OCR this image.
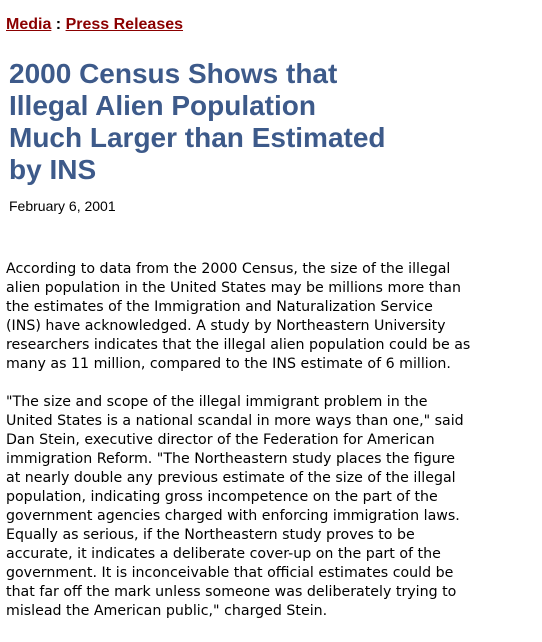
Media : Press Releases
2000 Census Shows that
Illegal Alien Population
Much Larger than Estimated
by INS
February 6, 2001

According to data from the 2000 Census, the size of the illegal
alien population in the United States may be millions more than
the estimates of the Immigration and Naturalization Service
(INS) have acknowledged. A study by Northeastern University
researchers indicates that the illegal alien population could be as
many as 11 million, compared to the INS estimate of 6 million.

"The size and scope of the illegal immigrant problem in the
United States is a national scandal in more ways than one," said
Dan Stein, executive director of the Federation for American
immigration Reform. "The Northeastern study places the figure
at nearly double any previous estimate of the size of the illegal
population, indicating gross incompetence on the part of the
government agencies charged with enforcing immigration laws.
Equally as serious, if the Northeastern study proves to be
accurate, it indicates a deliberate cover-up on the part of the
government. It is inconceivable that official estimates could be
that far off the mark unless someone was deliberately trying to
mislead the American public," charged Stein.
